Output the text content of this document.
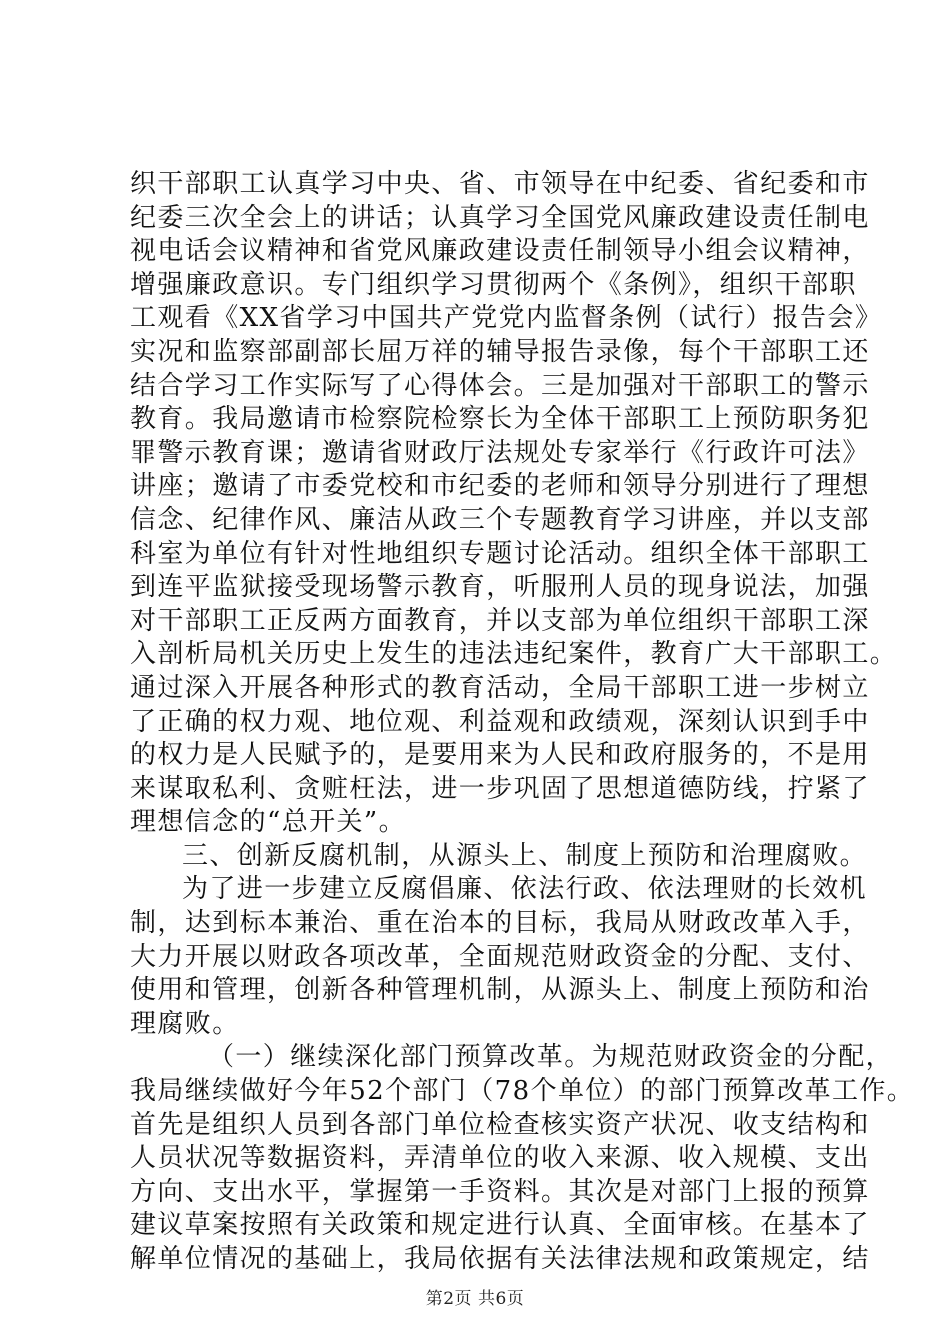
织干部职工认真学习中央、省、市领导在中纪委、省纪委和市
纪委三次全会上的讲话；认真学习全国党风廉政建设责任制电
视电话会议精神和省党风廉政建设责任制领导小组会议精神，
增强廉政意识。专门组织学习贯彻两个《条例》，组织干部职
工观看《XX省学习中国共产党党内监督条例（试行）报告会》
实况和监察部副部长屈万祥的辅导报告录像，每个干部职工还
结合学习工作实际写了心得体会。三是加强对干部职工的警示
教育。我局邀请市检察院检察长为全体干部职工上预防职务犯
罪警示教育课；邀请省财政厅法规处专家举行《行政许可法》
讲座；邀请了市委党校和市纪委的老师和领导分别进行了理想
信念、纪律作风、廉洁从政三个专题教育学习讲座，并以支部
科室为单位有针对性地组织专题讨论活动。组织全体干部职工
到连平监狱接受现场警示教育，听服刑人员的现身说法，加强
对干部职工正反两方面教育，并以支部为单位组织干部职工深
入剖析局机关历史上发生的违法违纪案件，教育广大干部职工。
通过深入开展各种形式的教育活动，全局干部职工进一步树立
了正确的权力观、地位观、利益观和政绩观，深刻认识到手中
的权力是人民赋予的，是要用来为人民和政府服务的，不是用
来谋取私利、贪赃枉法，进一步巩固了思想道德防线，拧紧了
理想信念的“总开关”。
三、创新反腐机制，从源头上、制度上预防和治理腐败。
为了进一步建立反腐倡廉、依法行政、依法理财的长效机
制，达到标本兼治、重在治本的目标，我局从财政改革入手，
大力开展以财政各项改革，全面规范财政资金的分配、支付、
使用和管理，创新各种管理机制，从源头上、制度上预防和治
理腐败。
（一）继续深化部门预算改革。为规范财政资金的分配，
我局继续做好今年52个部门（78个单位）的部门预算改革工作。
首先是组织人员到各部门单位检查核实资产状况、收支结构和
人员状况等数据资料，弄清单位的收入来源、收入规模、支出
方向、支出水平，掌握第一手资料。其次是对部门上报的预算
建议草案按照有关政策和规定进行认真、全面审核。在基本了
解单位情况的基础上，我局依据有关法律法规和政策规定，结
第2页 共6页
